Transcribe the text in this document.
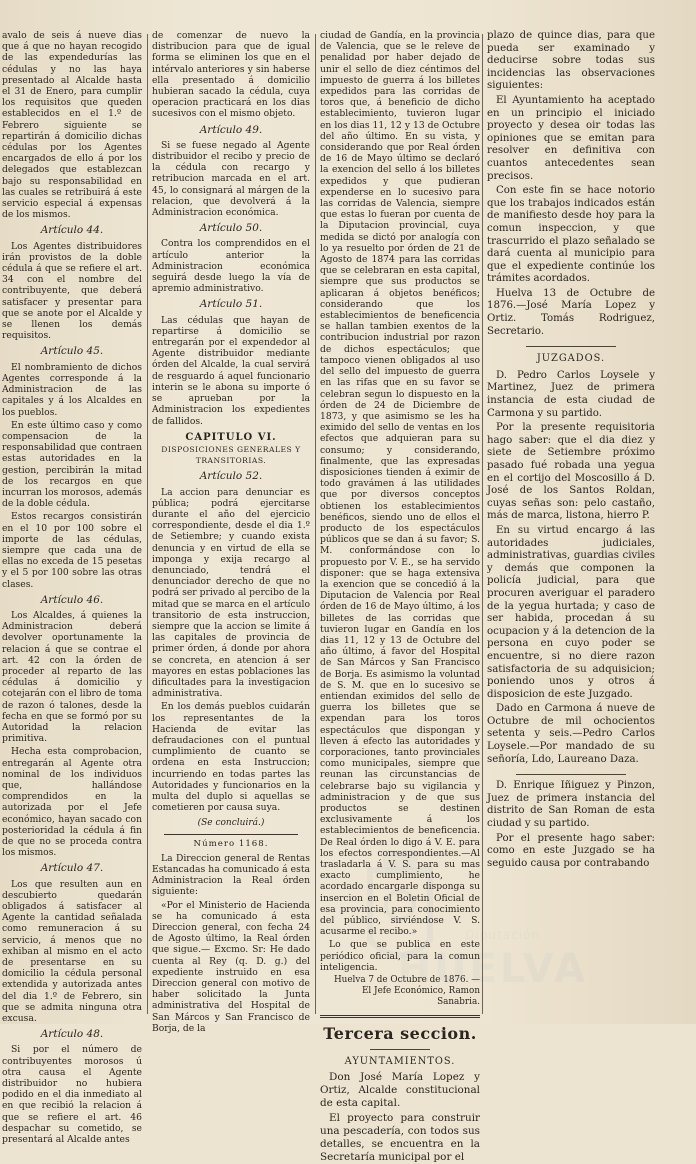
avalo de seis á nueve dias que á que no hayan recogido de las expendedurías las cédulas y no las haya presentado al Alcalde hasta el 31 de Enero, para cumplir los requisitos que queden establecidos en el 1.º de Febrero siguiente se repartirán á domicilio dichas cédulas por los Agentes encargados de ello á por los delegados que establezcan bajo su responsabilidad en las cuales se retribuirá á este servicio especial á expensas de los mismos.

Artículo 44.

Los Agentes distribuidores irán provistos de la doble cédula á que se refiere el art. 34 con el nombre del contribuyente, que deberá satisfacer y presentar para que se anote por el Alcalde y se llenen los demás requisitos.

Artículo 45.

El nombramiento de dichos Agentes corresponde á la Administracion de las capitales y á los Alcaldes en los pueblos.

En este último caso y como compensacion de la responsabilidad que contraen estas autoridades en la gestion, percibirán la mitad de los recargos en que incurran los morosos, además de la doble cédula.

Estos recargos consistirán en el 10 por 100 sobre el importe de las cédulas, siempre que cada una de ellas no exceda de 15 pesetas y el 5 por 100 sobre las otras clases.

Artículo 46.

Los Alcaldes, á quienes la Administracion deberá devolver oportunamente la relacion á que se contrae el art. 42 con la órden de proceder al reparto de las cédulas á domicilio y cotejarán con el libro de toma de razon ó talones, desde la fecha en que se formó por su Autoridad la relacion primitiva.

Hecha esta comprobacion, entregarán al Agente otra nominal de los individuos que, hallándose comprendidos en la autorizada por el Jefe económico, hayan sacado con posterioridad la cédula á fin de que no se proceda contra los mismos.

Artículo 47.

Los que resulten aun en descubierto quedarán obligados á satisfacer al Agente la cantidad señalada como remuneracion á su servicio, á menos que no exhiban al mismo en el acto de presentarse en su domicilio la cédula personal extendida y autorizada antes del dia 1.º de Febrero, sin que se admita ninguna otra excusa.

Artículo 48.

Si por el número de contribuyentes morosos ú otra causa el Agente distribuidor no hubiera podido en el dia inmediato al en que recibió la relacion á que se refiere el art. 46 despachar su cometido, se presentará al Alcalde antes

de comenzar de nuevo la distribucion para que de igual forma se eliminen los que en el intérvalo anteriores y sin haberse ella presentado á domicilio hubieran sacado la cédula, cuya operacion practicará en los dias sucesivos con el mismo objeto.

Artículo 49.

Si se fuese negado al Agente distribuidor el recibo y precio de la cédula con recargo y retribucion marcada en el art. 45, lo consignará al márgen de la relacion, que devolverá á la Administracion económica.

Artículo 50.

Contra los comprendidos en el artículo anterior la Administracion económica seguirá desde luego la vía de apremio administrativo.

Artículo 51.

Las cédulas que hayan de repartirse á domicilio se entregarán por el expendedor al Agente distribuidor mediante órden del Alcalde, la cual servirá de resguardo á aquel funcionario interin se le abona su importe ó se aprueban por la Administracion los expedientes de fallidos.

CAPITULO VI.
DISPOSICIONES GENERALES Y TRANSITORIAS.
Artículo 52.

La accion para denunciar es pública; podrá ejercitarse durante el año del ejercicio correspondiente, desde el dia 1.º de Setiembre; y cuando exista denuncia y en virtud de ella se imponga y exija recargo al denunciado, tendrá el denunciador derecho de que no podrá ser privado al percibo de la mitad que se marca en el artículo transitorio de esta instruccion, siempre que la accion se limite á las capitales de provincia de primer órden, á donde por ahora se concreta, en atencion á ser mayores en estas poblaciones las dificultades para la investigacion administrativa.

En los demás pueblos cuidarán los representantes de la Hacienda de evitar las defraudaciones con el puntual cumplimiento de cuanto se ordena en esta Instruccion; incurriendo en todas partes las Autoridades y funcionarios en la multa del duplo si aquellas se cometieren por causa suya.

(Se concluirá.)
Número 1168.

La Direccion general de Rentas Estancadas ha comunicado á esta Administracion la Real órden siguiente:

«Por el Ministerio de Hacienda se ha comunicado á esta Direccion general, con fecha 24 de Agosto último, la Real órden que sigue.— Excmo. Sr: He dado cuenta al Rey (q. D. g.) del expediente instruido en esa Direccion general con motivo de haber solicitado la Junta administrativa del Hospital de San Márcos y San Francisco de Borja, de la

ciudad de Gandía, en la provincia de Valencia, que se le releve de penalidad por haber dejado de unir el sello de diez céntimos del impuesto de guerra á los billetes expedidos para las corridas de toros que, á beneficio de dicho establecimiento, tuvieron lugar en los dias 11, 12 y 13 de Octubre del año último. En su vista, y considerando que por Real órden de 16 de Mayo último se declaró la exencion del sello á los billetes expedidos y que pudieran expenderse en lo sucesivo para las corridas de Valencia, siempre que estas lo fueran por cuenta de la Diputacion provincial, cuya medida se dictó por analogía con lo ya resuelto por órden de 21 de Agosto de 1874 para las corridas que se celebraran en esta capital, siempre que sus productos se aplicaran á objetos benéficos; considerando que los establecimientos de beneficencia se hallan tambien exentos de la contribucion industrial por razon de dichos espectáculos; que tampoco vienen obligados al uso del sello del impuesto de guerra en las rifas que en su favor se celebran segun lo dispuesto en la órden de 24 de Diciembre de 1873, y que asimismo se les ha eximido del sello de ventas en los efectos que adquieran para su consumo; y considerando, finalmente, que las expresadas disposiciones tienden á eximir de todo gravámen á las utilidades que por diversos conceptos obtienen los establecimientos benéficos, siendo uno de ellos el producto de los espectáculos públicos que se dan á su favor; S. M. conformándose con lo propuesto por V. E., se ha servido disponer: que se haga extensiva la exencion que se concedió á la Diputacion de Valencia por Real órden de 16 de Mayo último, á los billetes de las corridas que tuvieron lugar en Gandía en los dias 11, 12 y 13 de Octubre del año último, á favor del Hospital de San Márcos y San Francisco de Borja. Es asimismo la voluntad de S. M. que en lo sucesivo se entiendan eximidos del sello de guerra los billetes que se expendan para los toros espectáculos que dispongan y lleven á efecto las autoridades y corporaciones, tanto provinciales como municipales, siempre que reunan las circunstancias de celebrarse bajo su vigilancia y administracion y de que sus productos se destinen exclusivamente á los establecimientos de beneficencia. De Real órden lo digo á V. E. para los efectos correspondientes.—Al trasladarla á V. S. para su mas exacto cumplimiento, he acordado encargarle disponga su insercion en el Boletin Oficial de esa provincia, para conocimiento del público, sirviéndose V. S. acusarme el recibo.»

Lo que se publica en este periódico oficial, para la comun inteligencia.

Huelva 7 de Octubre de 1876. —El Jefe Económico, Ramon Sanabria.

Tercera seccion.
AYUNTAMIENTOS.

Don José María Lopez y Ortiz, Alcalde constitucional de esta capital.

El proyecto para construir una pescadería, con todos sus detalles, se encuentra en la Secretaría municipal por el

plazo de quince dias, para que pueda ser examinado y deducirse sobre todas sus incidencias las observaciones siguientes:

El Ayuntamiento ha aceptado en un principio el iniciado proyecto y desea oir todas las opiniones que se emitan para resolver en definitiva con cuantos antecedentes sean precisos.

Con este fin se hace notorio que los trabajos indicados están de manifiesto desde hoy para la comun inspeccion, y que trascurrido el plazo señalado se dará cuenta al municipio para que el expediente continúe los trámites acordados.

Huelva 13 de Octubre de 1876.—José María Lopez y Ortiz. Tomás Rodriguez, Secretario.

JUZGADOS.

D. Pedro Carlos Loysele y Martinez, Juez de primera instancia de esta ciudad de Carmona y su partido.

Por la presente requisitoria hago saber: que el dia diez y siete de Setiembre próximo pasado fué robada una yegua en el cortijo del Moscosillo á D. José de los Santos Roldan, cuyas señas son: pelo castaño, más de marca, listona, hierro P.

En su virtud encargo á las autoridades judiciales, administrativas, guardias civiles y demás que componen la policía judicial, para que procuren averiguar el paradero de la yegua hurtada; y caso de ser habida, procedan á su ocupacion y á la detencion de la persona en cuyo poder se encuentre, si no diere razon satisfactoria de su adquisicion; poniendo unos y otros á disposicion de este Juzgado.

Dado en Carmona á nueve de Octubre de mil ochocientos setenta y seis.—Pedro Carlos Loysele.—Por mandado de su señoría, Ldo, Laureano Daza.

D. Enrique Iñiguez y Pinzon, Juez de primera instancia del distrito de San Roman de esta ciudad y su partido.

Por el presente hago saber: como en este Juzgado se ha seguido causa por contrabando
